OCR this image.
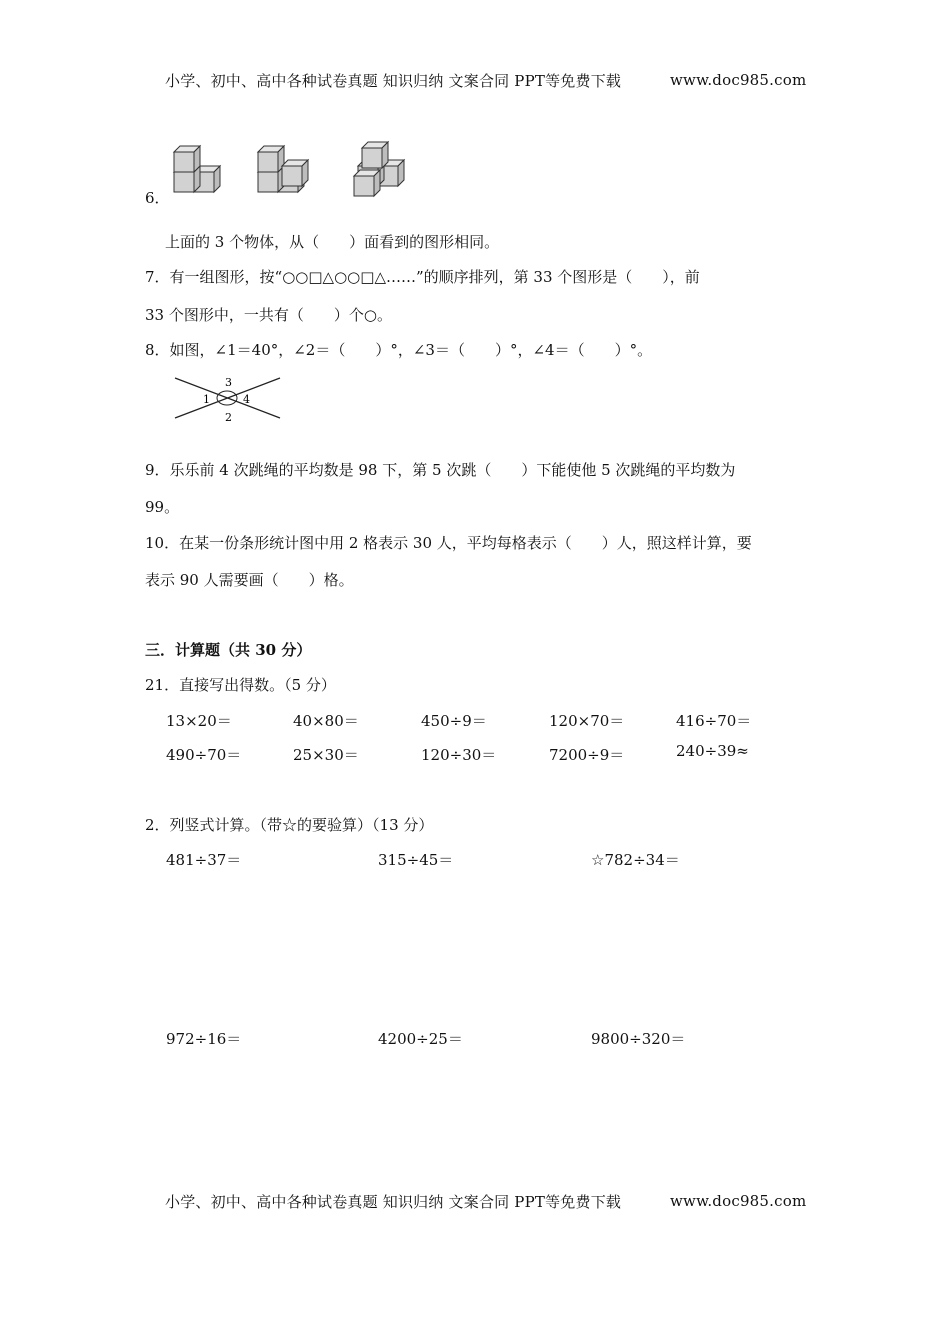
小学、初中、高中各种试卷真题 知识归纳 文案合同 PPT等免费下载	www.doc985.com
6．
上面的 3 个物体，从（　　）面看到的图形相同。
7．有一组图形，按“○○□△○○□△……”的顺序排列，第 33 个图形是（　　），前
33 个图形中，一共有（　　）个○。
8．如图，∠1＝40°，∠2＝（　　）°，∠3＝（　　）°，∠4＝（　　）°。
3
1	4
2
9．乐乐前 4 次跳绳的平均数是 98 下，第 5 次跳（　　）下能使他 5 次跳绳的平均数为
99。
10．在某一份条形统计图中用 2 格表示 30 人，平均每格表示（　　）人，照这样计算，要
表示 90 人需要画（　　）格。
三．计算题（共 30 分）
21．直接写出得数。（5 分）
13×20＝	40×80＝	450÷9＝	120×70＝	416÷70＝
490÷70＝	25×30＝	120÷30＝	7200÷9＝	240÷39≈
2．列竖式计算。（带☆的要验算）（13 分）
481÷37＝	315÷45＝	☆782÷34＝
972÷16＝	4200÷25＝	9800÷320＝
小学、初中、高中各种试卷真题 知识归纳 文案合同 PPT等免费下载	www.doc985.com
